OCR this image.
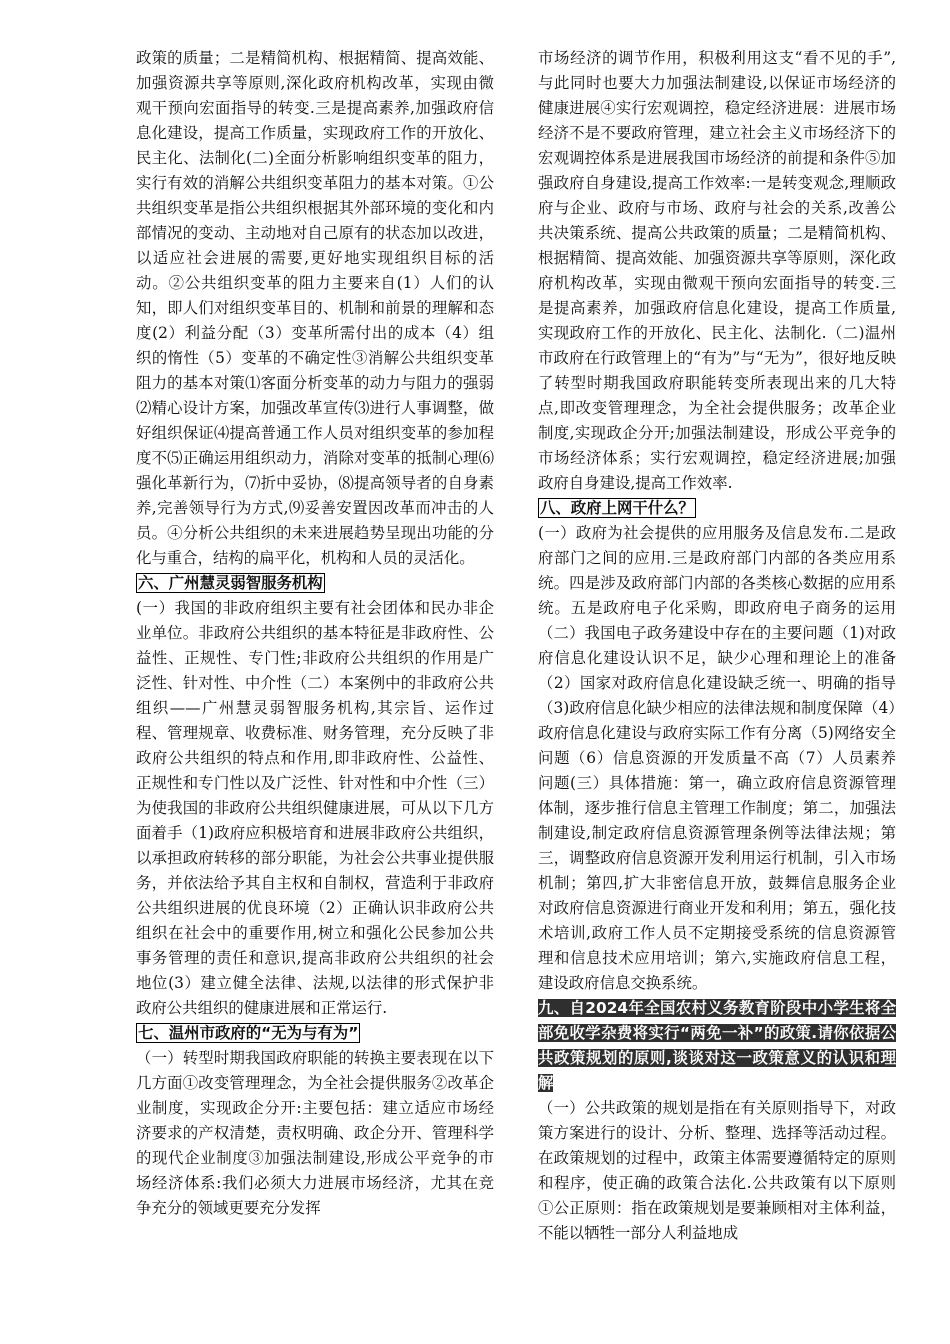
政策的质量；二是精简机构、根据精简、提高效能、加强资源共享等原则,深化政府机构改革，实现由微观干预向宏面指导的转变.三是提高素养,加强政府信息化建设，提高工作质量，实现政府工作的开放化、民主化、法制化(二)全面分析影响组织变革的阻力，实行有效的消解公共组织变革阻力的基本对策。①公共组织变革是指公共组织根据其外部环境的变化和内部情况的变动、主动地对自己原有的状态加以改进，以适应社会进展的需要,更好地实现组织目标的活动。②公共组织变革的阻力主要来自(1）人们的认知，即人们对组织变革目的、机制和前景的理解和态度(2）利益分配（3）变革所需付出的成本（4）组织的惰性（5）变革的不确定性③消解公共组织变革阻力的基本对策⑴客面分析变革的动力与阻力的强弱⑵精心设计方案，加强改革宣传⑶进行人事调整，做好组织保证⑷提高普通工作人员对组织变革的参加程度不⑸正确运用组织动力，消除对变革的抵制心理⑹强化革新行为，⑺折中妥协，⑻提高领导者的自身素养,完善领导行为方式,⑼妥善安置因改革而冲击的人员。④分析公共组织的未来进展趋势呈现出功能的分化与重合，结构的扁平化，机构和人员的灵活化。

六、广州慧灵弱智服务机构

(一）我国的非政府组织主要有社会团体和民办非企业单位。非政府公共组织的基本特征是非政府性、公益性、正规性、专门性;非政府公共组织的作用是广泛性、针对性、中介性（二）本案例中的非政府公共组织——广州慧灵弱智服务机构,其宗旨、运作过程、管理规章、收费标准、财务管理，充分反映了非政府公共组织的特点和作用,即非政府性、公益性、正规性和专门性以及广泛性、针对性和中介性（三）为使我国的非政府公共组织健康进展，可从以下几方面着手（1)政府应积极培育和进展非政府公共组织，以承担政府转移的部分职能，为社会公共事业提供服务，并依法给予其自主权和自制权，营造利于非政府公共组织进展的优良环境（2）正确认识非政府公共组织在社会中的重要作用,树立和强化公民参加公共事务管理的责任和意识,提高非政府公共组织的社会地位(3）建立健全法律、法规,以法律的形式保护非政府公共组织的健康进展和正常运行.

七、温州市政府的“无为与有为”

（一）转型时期我国政府职能的转换主要表现在以下几方面①改变管理理念，为全社会提供服务②改革企业制度，实现政企分开:主要包括：建立适应市场经济要求的产权清楚，责权明确、政企分开、管理科学的现代企业制度③加强法制建设,形成公平竞争的市场经济体系:我们必须大力进展市场经济，尤其在竞争充分的领域更要充分发挥

市场经济的调节作用，积极利用这支“看不见的手”,与此同时也要大力加强法制建设,以保证市场经济的健康进展④实行宏观调控，稳定经济进展：进展市场经济不是不要政府管理，建立社会主义市场经济下的宏观调控体系是进展我国市场经济的前提和条件⑤加强政府自身建设,提高工作效率:一是转变观念,理顺政府与企业、政府与市场、政府与社会的关系,改善公共决策系统、提高公共政策的质量；二是精简机构、根据精简、提高效能、加强资源共享等原则，深化政府机构改革，实现由微观干预向宏面指导的转变.三是提高素养，加强政府信息化建设，提高工作质量,实现政府工作的开放化、民主化、法制化.（二)温州市政府在行政管理上的“有为”与“无为”，很好地反映了转型时期我国政府职能转变所表现出来的几大特点,即改变管理理念，为全社会提供服务；改革企业制度,实现政企分开;加强法制建设，形成公平竞争的市场经济体系；实行宏观调控，稳定经济进展;加强政府自身建设,提高工作效率.

八、政府上网干什么？

(一）政府为社会提供的应用服务及信息发布.二是政府部门之间的应用.三是政府部门内部的各类应用系统。四是涉及政府部门内部的各类核心数据的应用系统。五是政府电子化采购，即政府电子商务的运用（二）我国电子政务建设中存在的主要问题（1)对政府信息化建设认识不足，缺少心理和理论上的准备（2）国家对政府信息化建设缺乏统一、明确的指导（3)政府信息化缺少相应的法律法规和制度保障（4）政府信息化建设与政府实际工作有分离（5)网络安全问题（6）信息资源的开发质量不高（7）人员素养问题(三）具体措施：第一，确立政府信息资源管理体制，逐步推行信息主管理工作制度；第二，加强法制建设,制定政府信息资源管理条例等法律法规；第三，调整政府信息资源开发利用运行机制，引入市场机制；第四,扩大非密信息开放，鼓舞信息服务企业对政府信息资源进行商业开发和利用；第五，强化技术培训,政府工作人员不定期接受系统的信息资源管理和信息技术应用培训；第六,实施政府信息工程，建设政府信息交换系统。

九、自2024年全国农村义务教育阶段中小学生将全部免收学杂费将实行“两免一补”的政策.请你依据公共政策规划的原则,谈谈对这一政策意义的认识和理解

（一）公共政策的规划是指在有关原则指导下，对政策方案进行的设计、分析、整理、选择等活动过程。在政策规划的过程中，政策主体需要遵循特定的原则和程序，使正确的政策合法化.公共政策有以下原则①公正原则：指在政策规划是要兼顾相对主体利益，不能以牺牲一部分人利益地成
